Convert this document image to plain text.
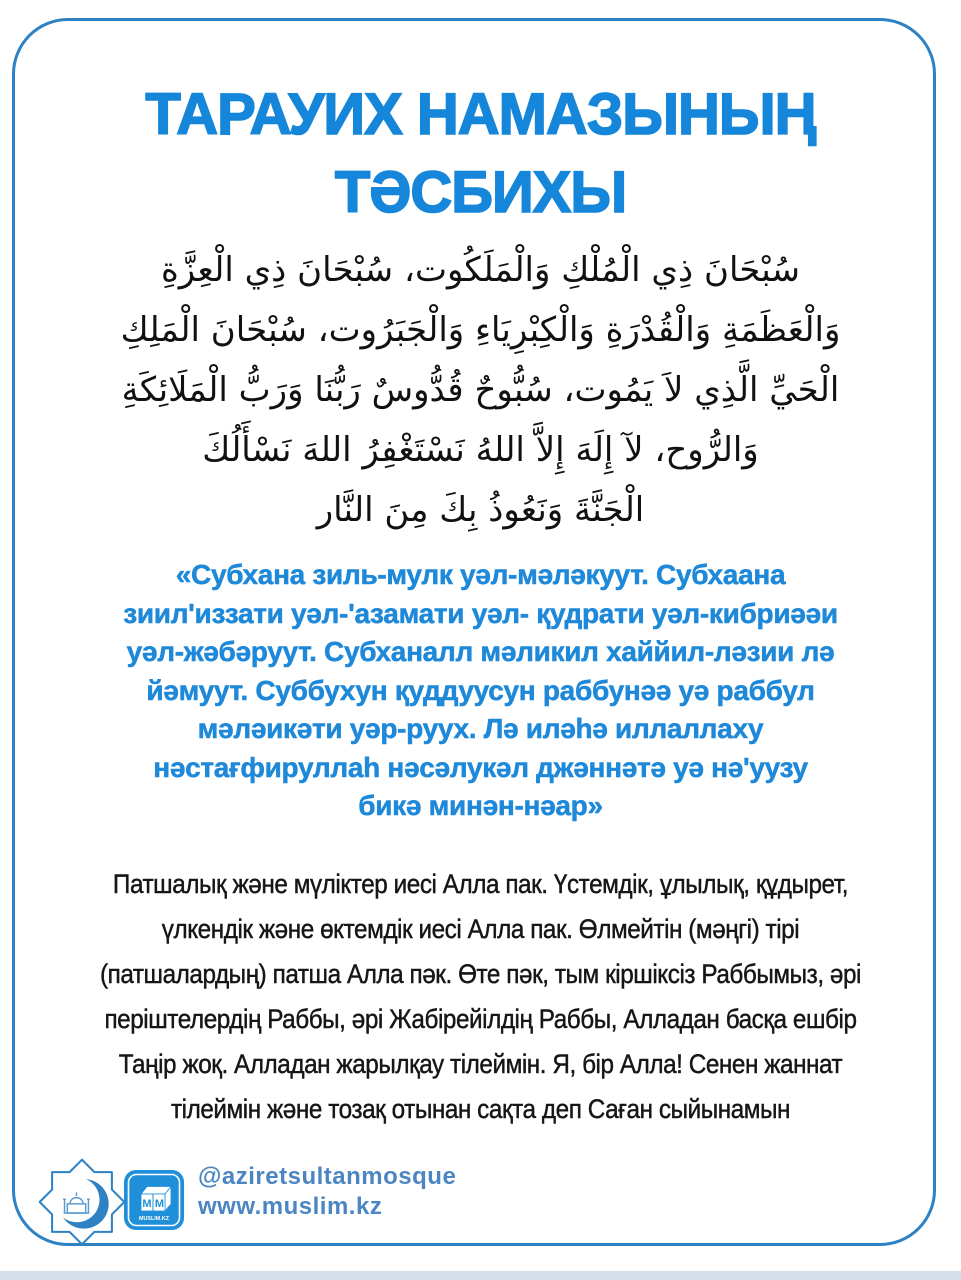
ТАРАУИХ НАМАЗЫНЫҢ
ТӘСБИХЫ
سُبْحَانَ ذِي الْمُلْكِ وَالْمَلَكُوت، سُبْحَانَ ذِي الْعِزَّةِ
وَالْعَظَمَةِ وَالْقُدْرَةِ وَالْكِبْرِيَاءِ وَالْجَبَرُوت، سُبْحَانَ الْمَلِكِ
الْحَيِّ الَّذِي لاَ يَمُوت، سُبُّوحٌ قُدُّوسٌ رَبُّنَا وَرَبُّ الْمَلَائِكَةِ
وَالرُّوح، لآ إِلَهَ إِلاَّ اللهُ نَسْتَغْفِرُ اللهَ نَسْأَلُكَ
الْجَنَّةَ وَنَعُوذُ بِكَ مِنَ النَّار
«Субхана зиль-мулк уәл-мәләкуут. Субхаана
зиил'иззати уәл-'азамати уәл- қудрати уәл-кибриәәи
уәл-жәбәруут. Субханалл мәликил хаййил-ләзии лә
йәмуут. Суббухун қуддуусун раббунәә уә раббул
мәләикәти уәр-руух. Лә иләһә иллаллаху
нәстағфируллаһ нәсәлукәл джәннәтә уә нә'уузу
бикә минән-нәар»
Патшалық және мүліктер иесі Алла пак. Үстемдік, ұлылық, құдырет,
үлкендік және өктемдік иесі Алла пак. Өлмейтін (мәңгі) тірі
(патшалардың) патша Алла пәк. Өте пәк, тым кіршіксіз Раббымыз, әрі
періштелердің Раббы, әрі Жабірейілдің Раббы, Алладан басқа ешбір
Таңір жоқ. Алладан жарылқау тілеймін. Я, бір Алла! Сенен жаннат
тілеймін және тозақ отынан сақта деп Саған сыйынамын
M M
MUSLIM.KZ
@aziretsultanmosque
www.muslim.kz
